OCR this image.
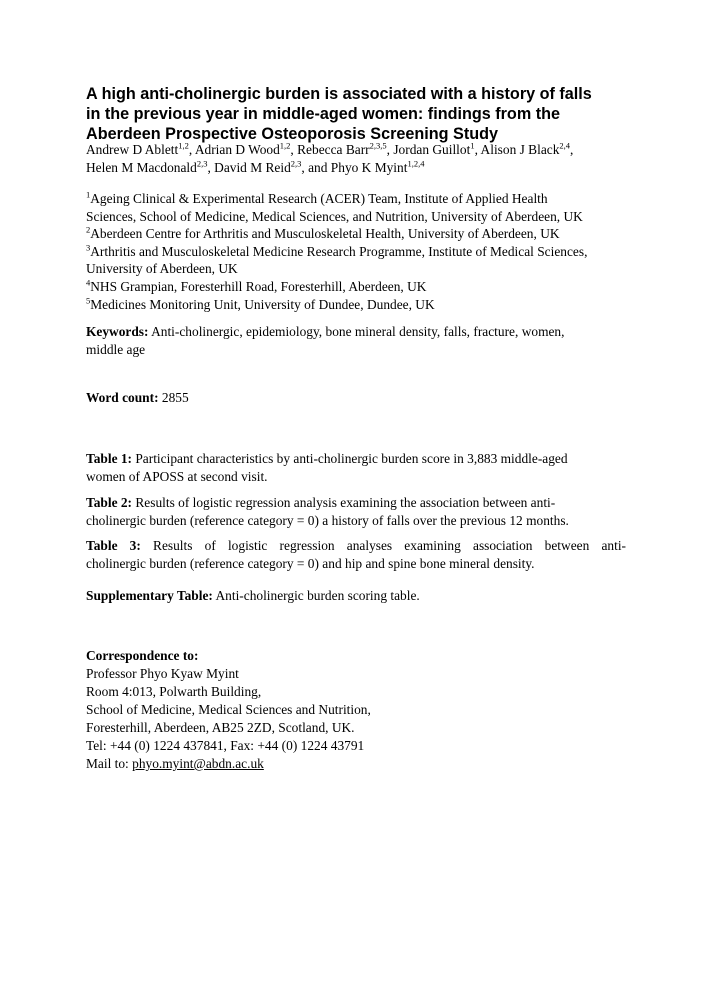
A high anti-cholinergic burden is associated with a history of falls
in the previous year in middle-aged women: findings from the
Aberdeen Prospective Osteoporosis Screening Study
Andrew D Ablett$^{1,2}$, Adrian D Wood$^{1,2}$, Rebecca Barr$^{2,3,5}$, Jordan Guillot$^1$, Alison J Black$^{2,4}$,
Helen M Macdonald$^{2,3}$, David M Reid$^{2,3}$, and Phyo K Myint$^{1,2,4}$
$^1$Ageing Clinical & Experimental Research (ACER) Team, Institute of Applied Health
Sciences, School of Medicine, Medical Sciences, and Nutrition, University of Aberdeen, UK
$^2$Aberdeen Centre for Arthritis and Musculoskeletal Health, University of Aberdeen, UK
$^3$Arthritis and Musculoskeletal Medicine Research Programme, Institute of Medical Sciences,
University of Aberdeen, UK
$^4$NHS Grampian, Foresterhill Road, Foresterhill, Aberdeen, UK
$^5$Medicines Monitoring Unit, University of Dundee, Dundee, UK
Keywords: Anti-cholinergic, epidemiology, bone mineral density, falls, fracture, women,
middle age
Word count: 2855
Table 1: Participant characteristics by anti-cholinergic burden score in 3,883 middle-aged
women of APOSS at second visit.
Table 2: Results of logistic regression analysis examining the association between anti-
cholinergic burden (reference category = 0) a history of falls over the previous 12 months.
Table 3: Results of logistic regression analyses examining association between anti-
cholinergic burden (reference category = 0) and hip and spine bone mineral density.
Supplementary Table: Anti-cholinergic burden scoring table.
Correspondence to:
Professor Phyo Kyaw Myint
Room 4:013, Polwarth Building,
School of Medicine, Medical Sciences and Nutrition,
Foresterhill, Aberdeen, AB25 2ZD, Scotland, UK.
Tel: +44 (0) 1224 437841, Fax: +44 (0) 1224 43791
Mail to: phyo.myint@abdn.ac.uk
